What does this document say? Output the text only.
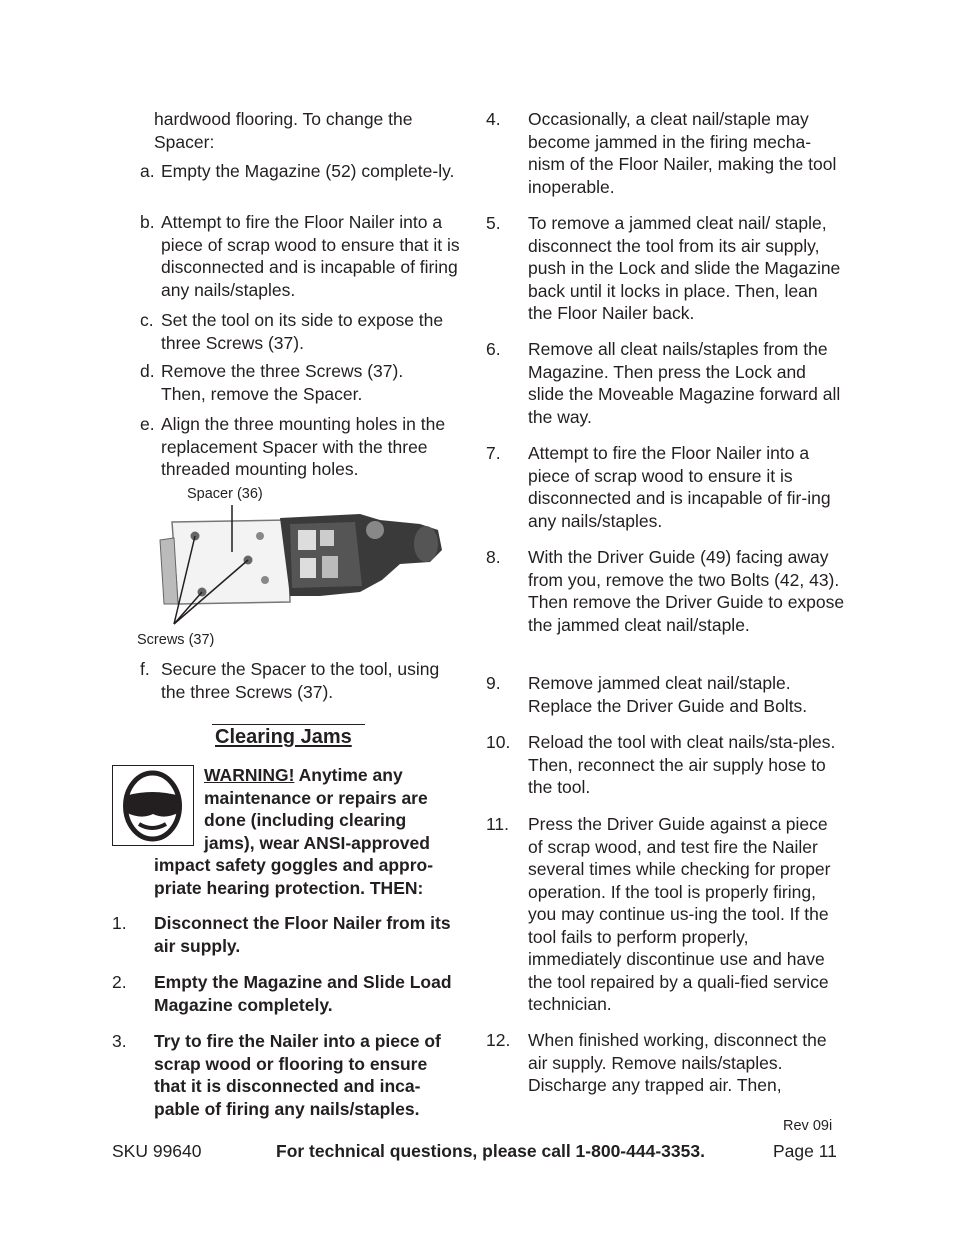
hardwood flooring. To change the Spacer:

a. Empty the Magazine (52) complete-ly.
b. Attempt to fire the Floor Nailer into a piece of scrap wood to ensure that it is disconnected and is incapable of firing any nails/staples.
c. Set the tool on its side to expose the three Screws (37).
d. Remove the three Screws (37). Then, remove the Spacer.
e. Align the three mounting holes in the replacement Spacer with the three threaded mounting holes.
Spacer (36)
Screws (37)
f. Secure the Spacer to the tool, using the three Screws (37).
Clearing Jams

WARNING! Anytime any maintenance or repairs are done (including clearing jams), wear ANSI-approved impact safety goggles and appro-priate hearing protection. THEN:

1. Disconnect the Floor Nailer from its air supply.
2. Empty the Magazine and Slide Load Magazine completely.
3. Try to fire the Nailer into a piece of scrap wood or flooring to ensure that it is disconnected and inca-pable of firing any nails/staples.
4. Occasionally, a cleat nail/staple may become jammed in the firing mecha-nism of the Floor Nailer, making the tool inoperable.
5. To remove a jammed cleat nail/ staple, disconnect the tool from its air supply, push in the Lock and slide the Magazine back until it locks in place. Then, lean the Floor Nailer back.
6. Remove all cleat nails/staples from the Magazine. Then press the Lock and slide the Moveable Magazine forward all the way.
7. Attempt to fire the Floor Nailer into a piece of scrap wood to ensure it is disconnected and is incapable of fir-ing any nails/staples.
8. With the Driver Guide (49) facing away from you, remove the two Bolts (42, 43). Then remove the Driver Guide to expose the jammed cleat nail/staple.
9. Remove jammed cleat nail/staple. Replace the Driver Guide and Bolts.
10. Reload the tool with cleat nails/sta-ples. Then, reconnect the air supply hose to the tool.
11. Press the Driver Guide against a piece of scrap wood, and test fire the Nailer several times while checking for proper operation. If the tool is properly firing, you may continue us-ing the tool. If the tool fails to perform properly, immediately discontinue use and have the tool repaired by a quali-fied service technician.
12. When finished working, disconnect the air supply. Remove nails/staples. Discharge any trapped air. Then,
Rev 09i
SKU 99640	For technical questions, please call 1-800-444-3353.	Page 11
